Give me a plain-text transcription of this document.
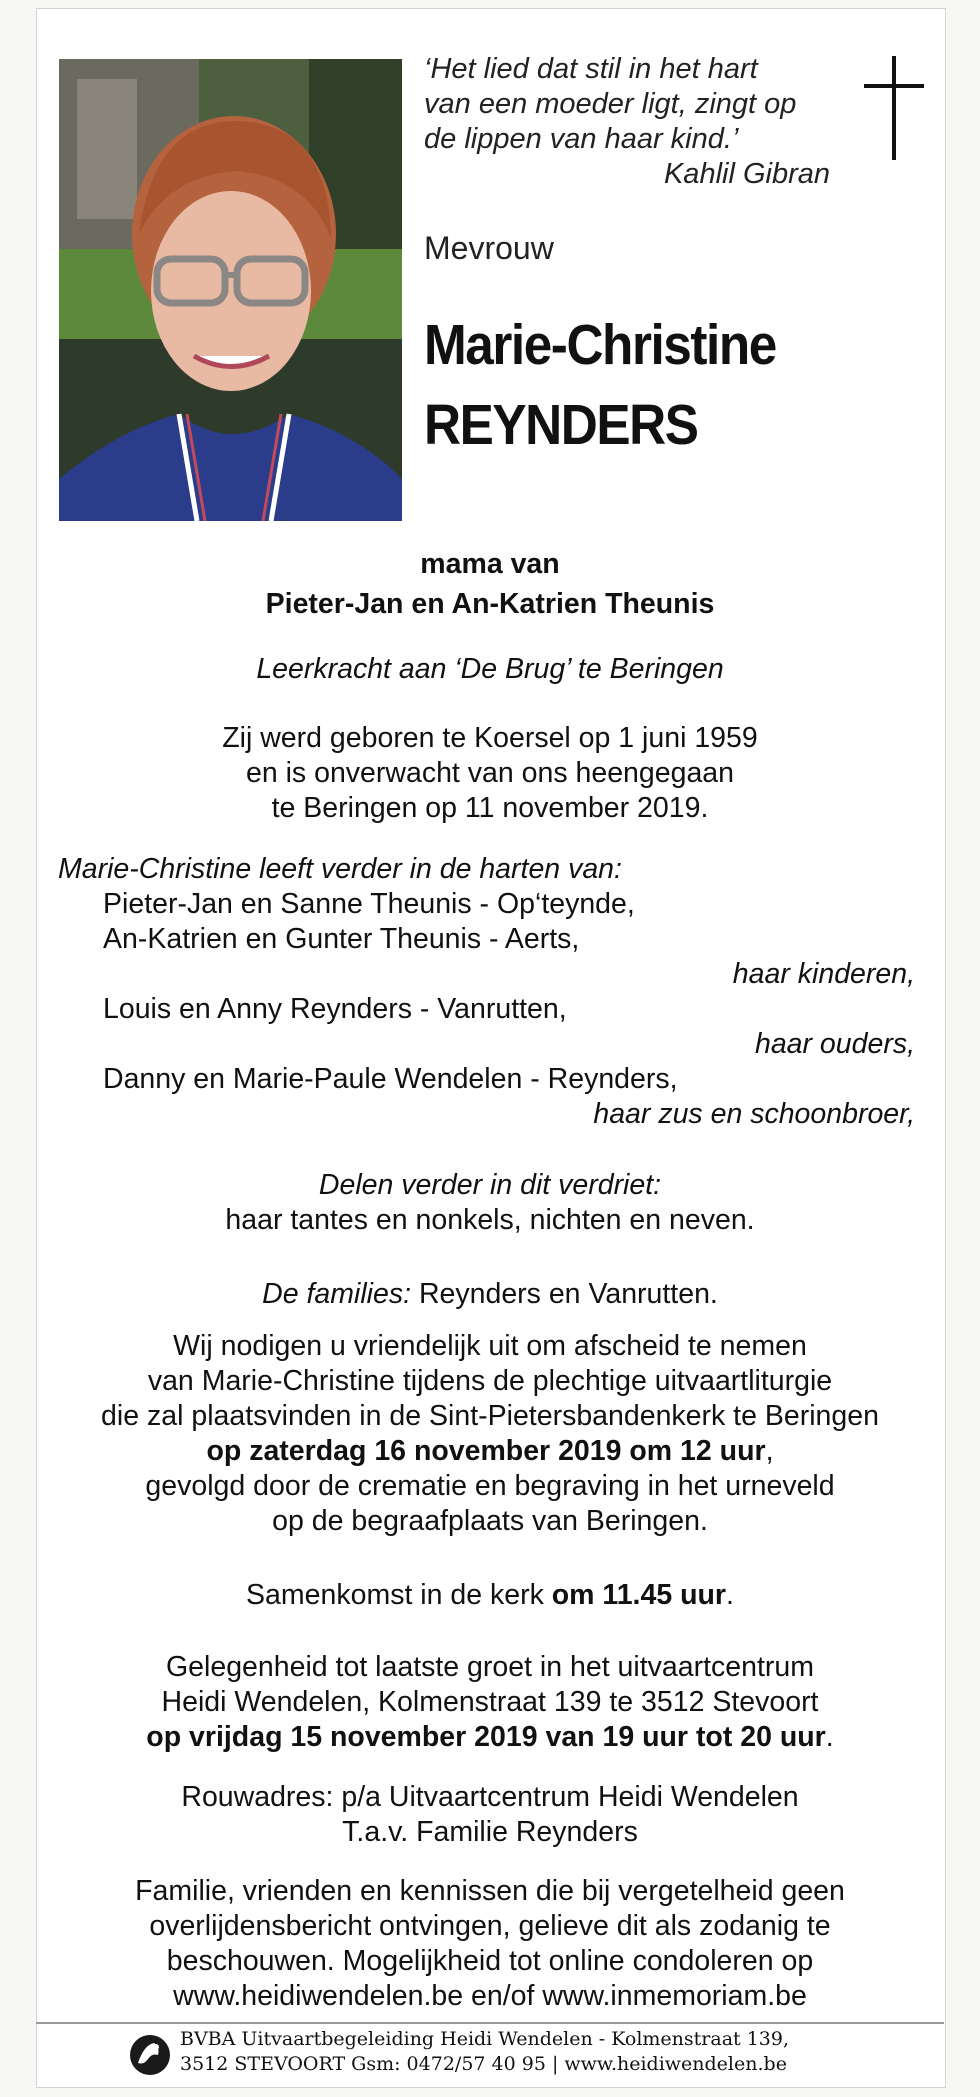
‘Het lied dat stil in het hart
van een moeder ligt, zingt op
de lippen van haar kind.’
Kahlil Gibran
Mevrouw
Marie-Christine
REYNDERS
mama van
Pieter-Jan en An-Katrien Theunis
Leerkracht aan ‘De Brug’ te Beringen
Zij werd geboren te Koersel op 1 juni 1959
en is onverwacht van ons heengegaan
te Beringen op 11 november 2019.
Marie-Christine leeft verder in de harten van:
Pieter-Jan en Sanne Theunis - Op‘teynde,
An-Katrien en Gunter Theunis - Aerts,
haar kinderen,
Louis en Anny Reynders - Vanrutten,
haar ouders,
Danny en Marie-Paule Wendelen - Reynders,
haar zus en schoonbroer,
Delen verder in dit verdriet:
haar tantes en nonkels, nichten en neven.
De families: Reynders en Vanrutten.
Wij nodigen u vriendelijk uit om afscheid te nemen
van Marie-Christine tijdens de plechtige uitvaartliturgie
die zal plaatsvinden in de Sint-Pietersbandenkerk te Beringen
op zaterdag 16 november 2019 om 12 uur,
gevolgd door de crematie en begraving in het urneveld
op de begraafplaats van Beringen.
Samenkomst in de kerk om 11.45 uur.
Gelegenheid tot laatste groet in het uitvaartcentrum
Heidi Wendelen, Kolmenstraat 139 te 3512 Stevoort
op vrijdag 15 november 2019 van 19 uur tot 20 uur.
Rouwadres: p/a Uitvaartcentrum Heidi Wendelen
T.a.v. Familie Reynders
Familie, vrienden en kennissen die bij vergetelheid geen
overlijdensbericht ontvingen, gelieve dit als zodanig te
beschouwen. Mogelijkheid tot online condoleren op
www.heidiwendelen.be en/of www.inmemoriam.be
BVBA Uitvaartbegeleiding Heidi Wendelen - Kolmenstraat 139,
3512 STEVOORT Gsm: 0472/57 40 95 | www.heidiwendelen.be
